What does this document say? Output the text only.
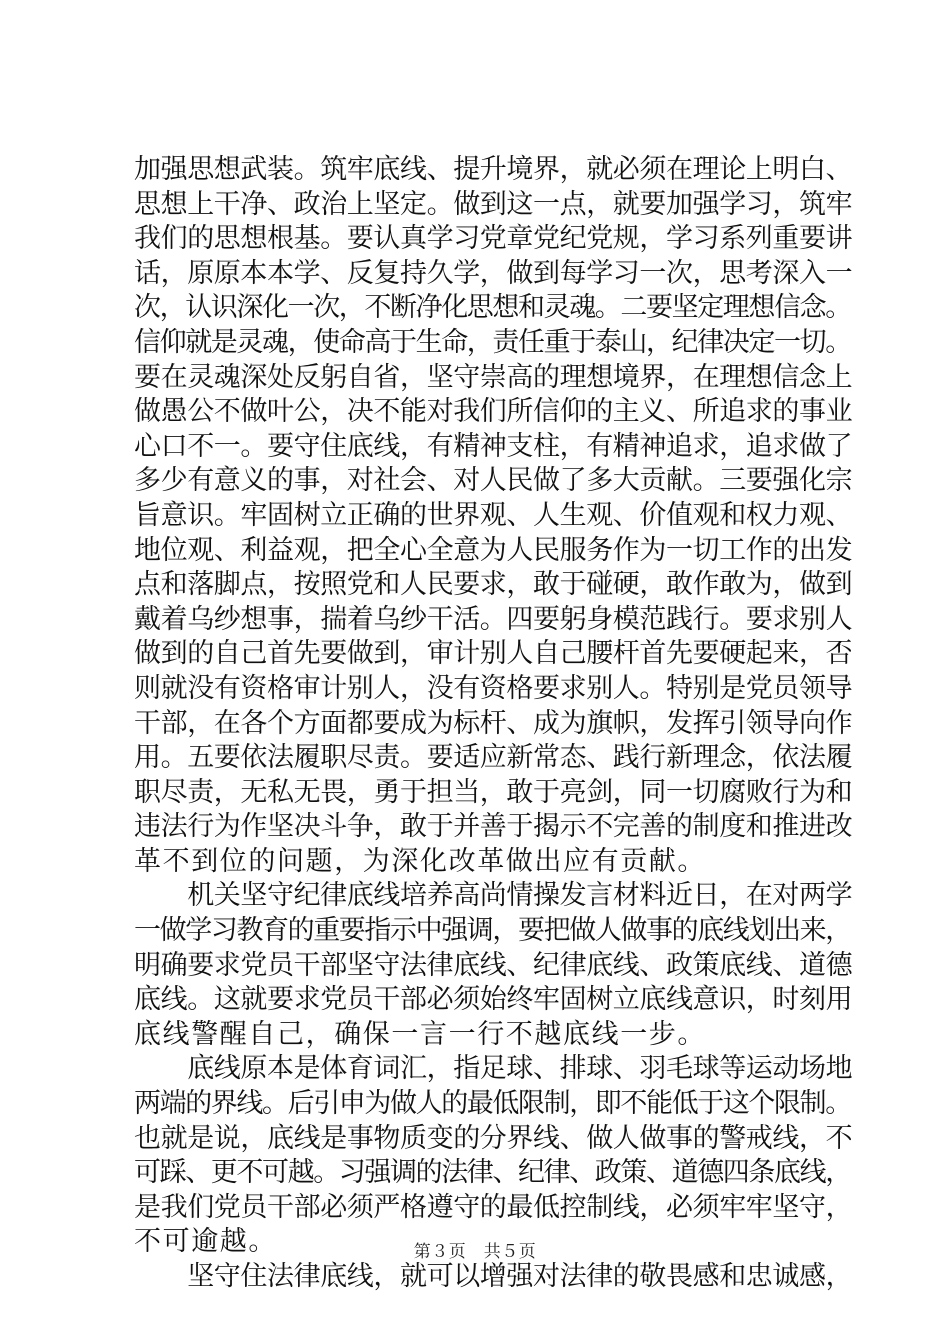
加强思想武装。筑牢底线、提升境界，就必须在理论上明白、
思想上干净、政治上坚定。做到这一点，就要加强学习，筑牢
我们的思想根基。要认真学习党章党纪党规，学习系列重要讲
话，原原本本学、反复持久学，做到每学习一次，思考深入一
次，认识深化一次，不断净化思想和灵魂。二要坚定理想信念。
信仰就是灵魂，使命高于生命，责任重于泰山，纪律决定一切。
要在灵魂深处反躬自省，坚守崇高的理想境界，在理想信念上
做愚公不做叶公，决不能对我们所信仰的主义、所追求的事业
心口不一。要守住底线，有精神支柱，有精神追求，追求做了
多少有意义的事，对社会、对人民做了多大贡献。三要强化宗
旨意识。牢固树立正确的世界观、人生观、价值观和权力观、
地位观、利益观，把全心全意为人民服务作为一切工作的出发
点和落脚点，按照党和人民要求，敢于碰硬，敢作敢为，做到
戴着乌纱想事，揣着乌纱干活。四要躬身模范践行。要求别人
做到的自己首先要做到，审计别人自己腰杆首先要硬起来，否
则就没有资格审计别人，没有资格要求别人。特别是党员领导
干部，在各个方面都要成为标杆、成为旗帜，发挥引领导向作
用。五要依法履职尽责。要适应新常态、践行新理念，依法履
职尽责，无私无畏，勇于担当，敢于亮剑，同一切腐败行为和
违法行为作坚决斗争，敢于并善于揭示不完善的制度和推进改
革不到位的问题，为深化改革做出应有贡献。
　　机关坚守纪律底线培养高尚情操发言材料近日，在对两学
一做学习教育的重要指示中强调，要把做人做事的底线划出来，
明确要求党员干部坚守法律底线、纪律底线、政策底线、道德
底线。这就要求党员干部必须始终牢固树立底线意识，时刻用
底线警醒自己，确保一言一行不越底线一步。
　　底线原本是体育词汇，指足球、排球、羽毛球等运动场地
两端的界线。后引申为做人的最低限制，即不能低于这个限制。
也就是说，底线是事物质变的分界线、做人做事的警戒线，不
可踩、更不可越。习强调的法律、纪律、政策、道德四条底线，
是我们党员干部必须严格遵守的最低控制线，必须牢牢坚守，
不可逾越。
　　坚守住法律底线，就可以增强对法律的敬畏感和忠诚感，
第３页　共５页
